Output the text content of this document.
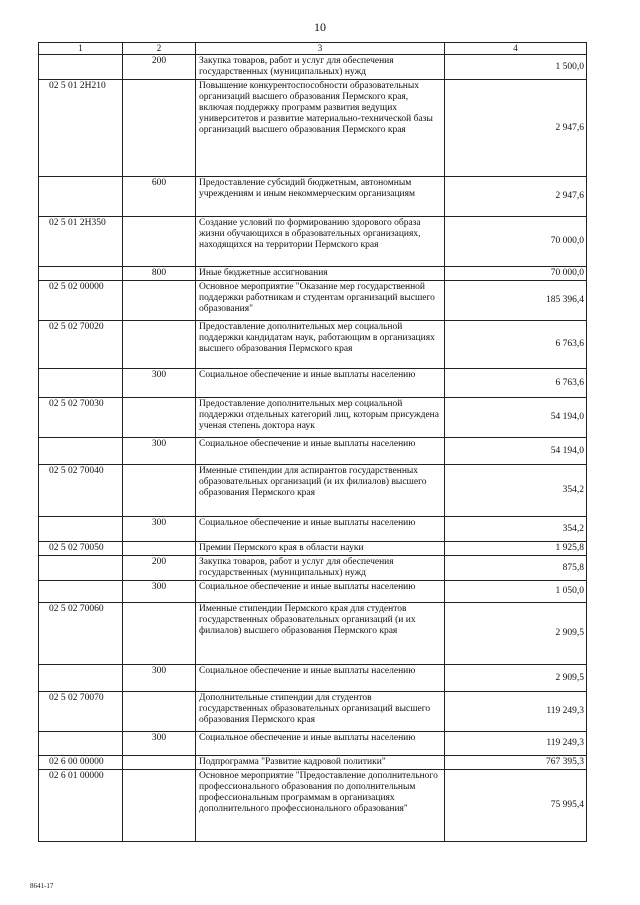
10
1	2	3	4
	200	Закупка товаров, работ и услуг для обеспечения государственных (муниципальных) нужд	1 500,0
02 5 01 2Н210		Повышение конкурентоспособности образовательных организаций высшего образования Пермского края, включая поддержку программ развития ведущих университетов и развитие материально-технической базы организаций высшего образования Пермского края	2 947,6
	600	Предоставление субсидий бюджетным, автономным учреждениям и иным некоммерческим организациям	2 947,6
02 5 01 2Н350		Создание условий по формированию здорового образа жизни обучающихся в образовательных организациях, находящихся на территории Пермского края	70 000,0
	800	Иные бюджетные ассигнования	70 000,0
02 5 02 00000		Основное мероприятие "Оказание мер государственной поддержки работникам и студентам организаций высшего образования"	185 396,4
02 5 02 70020		Предоставление дополнительных мер социальной поддержки кандидатам наук, работающим в организациях высшего образования Пермского края	6 763,6
	300	Социальное обеспечение и иные выплаты населению	6 763,6
02 5 02 70030		Предоставление дополнительных мер социальной поддержки отдельных категорий лиц, которым присуждена ученая степень доктора наук	54 194,0
	300	Социальное обеспечение и иные выплаты населению	54 194,0
02 5 02 70040		Именные стипендии для аспирантов государственных образовательных организаций (и их филиалов) высшего образования Пермского края	354,2
	300	Социальное обеспечение и иные выплаты населению	354,2
02 5 02 70050		Премии Пермского края в области науки	1 925,8
	200	Закупка товаров, работ и услуг для обеспечения государственных (муниципальных) нужд	875,8
	300	Социальное обеспечение и иные выплаты населению	1 050,0
02 5 02 70060		Именные стипендии Пермского края для студентов государственных образовательных организаций (и их филиалов) высшего образования Пермского края	2 909,5
	300	Социальное обеспечение и иные выплаты населению	2 909,5
02 5 02 70070		Дополнительные стипендии для студентов государственных образовательных организаций высшего образования Пермского края	119 249,3
	300	Социальное обеспечение и иные выплаты населению	119 249,3
02 6 00 00000		Подпрограмма "Развитие кадровой политики"	767 395,3
02 6 01 00000		Основное мероприятие "Предоставление дополнительного профессионального образования по дополнительным профессиональным программам в организациях дополнительного профессионального образования"	75 995,4
8641-17
